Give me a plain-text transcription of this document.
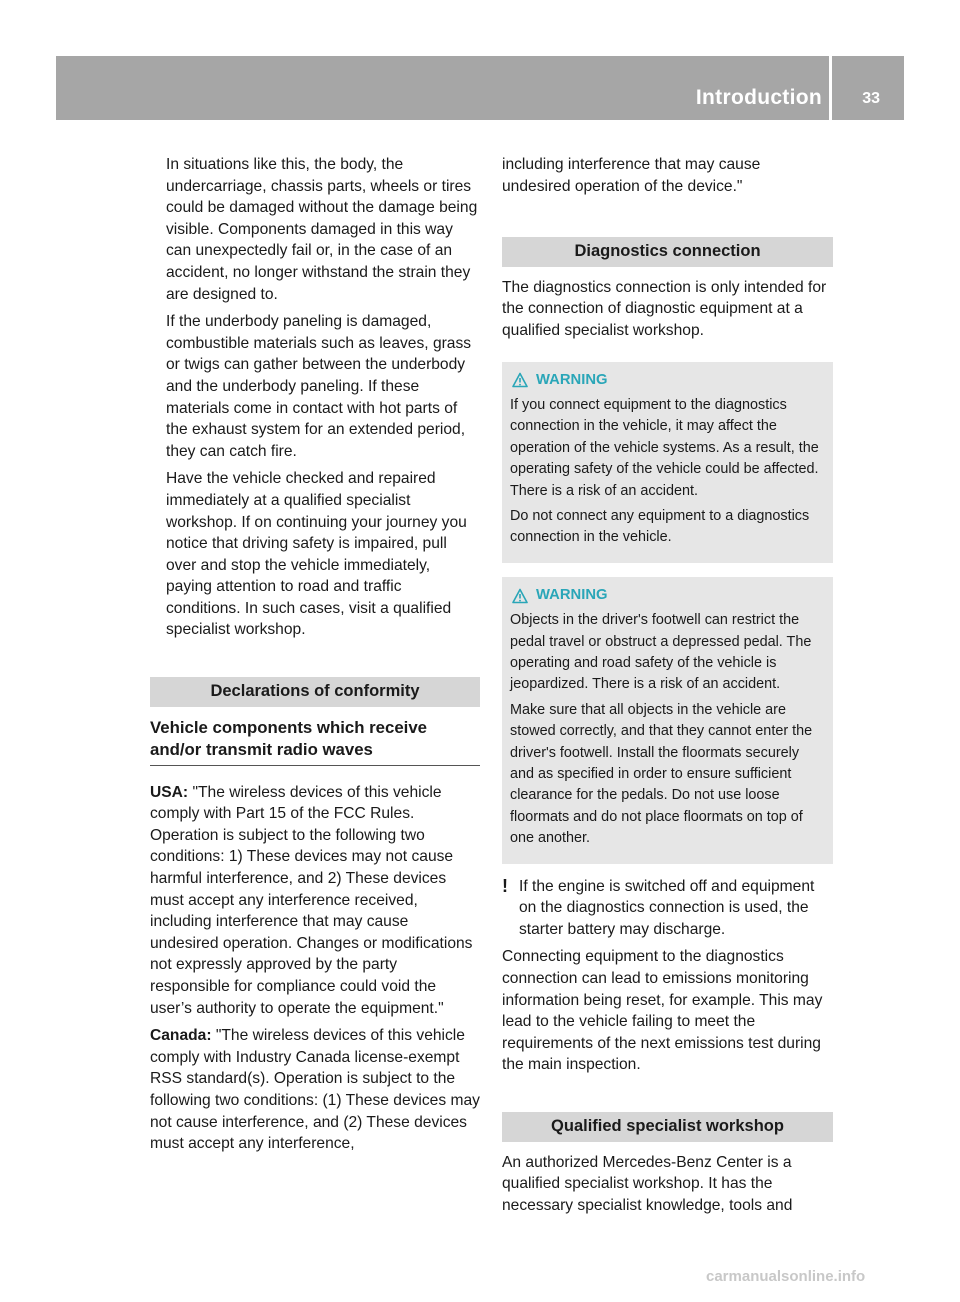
Introduction	33

In situations like this, the body, the undercarriage, chassis parts, wheels or tires could be damaged without the damage being visible. Components damaged in this way can unexpectedly fail or, in the case of an accident, no longer withstand the strain they are designed to.

If the underbody paneling is damaged, combustible materials such as leaves, grass or twigs can gather between the underbody and the underbody paneling. If these materials come in contact with hot parts of the exhaust system for an extended period, they can catch fire.

Have the vehicle checked and repaired immediately at a qualified specialist workshop. If on continuing your journey you notice that driving safety is impaired, pull over and stop the vehicle immediately, paying attention to road and traffic conditions. In such cases, visit a qualified specialist workshop.

Declarations of conformity
Vehicle components which receive and/or transmit radio waves

USA: "The wireless devices of this vehicle comply with Part 15 of the FCC Rules. Operation is subject to the following two conditions: 1) These devices may not cause harmful interference, and 2) These devices must accept any interference received, including interference that may cause undesired operation. Changes or modifications not expressly approved by the party responsible for compliance could void the user’s authority to operate the equipment."

Canada: "The wireless devices of this vehicle comply with Industry Canada license-exempt RSS standard(s). Operation is subject to the following two conditions: (1) These devices may not cause interference, and (2) These devices must accept any interference,

including interference that may cause undesired operation of the device."

Diagnostics connection

The diagnostics connection is only intended for the connection of diagnostic equipment at a qualified specialist workshop.

WARNING

If you connect equipment to the diagnostics connection in the vehicle, it may affect the operation of the vehicle systems. As a result, the operating safety of the vehicle could be affected. There is a risk of an accident.

Do not connect any equipment to a diagnostics connection in the vehicle.

WARNING

Objects in the driver's footwell can restrict the pedal travel or obstruct a depressed pedal. The operating and road safety of the vehicle is jeopardized. There is a risk of an accident.

Make sure that all objects in the vehicle are stowed correctly, and that they cannot enter the driver's footwell. Install the floormats securely and as specified in order to ensure sufficient clearance for the pedals. Do not use loose floormats and do not place floormats on top of one another.

! If the engine is switched off and equipment on the diagnostics connection is used, the starter battery may discharge.

Connecting equipment to the diagnostics connection can lead to emissions monitoring information being reset, for example. This may lead to the vehicle failing to meet the requirements of the next emissions test during the main inspection.

Qualified specialist workshop

An authorized Mercedes-Benz Center is a qualified specialist workshop. It has the necessary specialist knowledge, tools and

carmanualsonline.info
